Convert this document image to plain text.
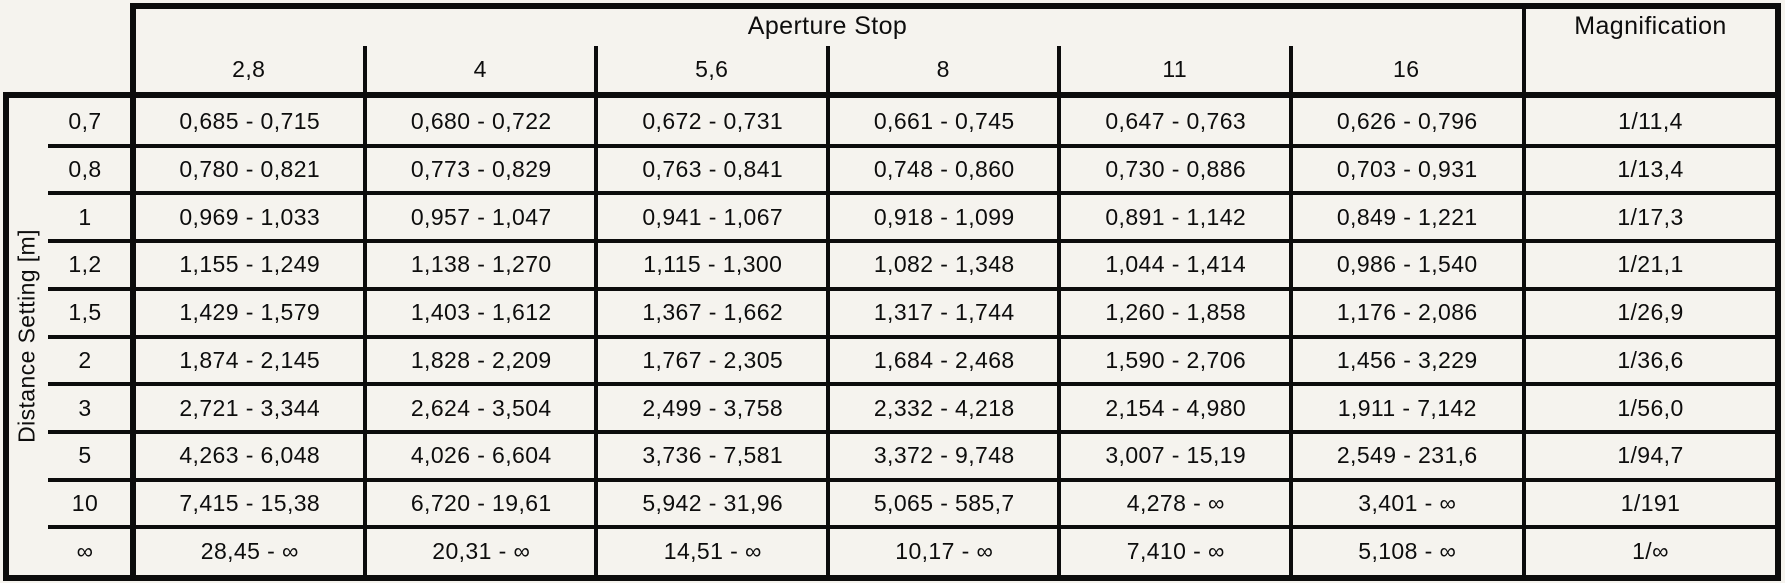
Aperture Stop	Magnification
Distance Setting [m]
2,8	4	5,6	8	11	16
0,7	0,685 - 0,715	0,680 - 0,722	0,672 - 0,731	0,661 - 0,745	0,647 - 0,763	0,626 - 0,796	1/11,4
0,8	0,780 - 0,821	0,773 - 0,829	0,763 - 0,841	0,748 - 0,860	0,730 - 0,886	0,703 - 0,931	1/13,4
1	0,969 - 1,033	0,957 - 1,047	0,941 - 1,067	0,918 - 1,099	0,891 - 1,142	0,849 - 1,221	1/17,3
1,2	1,155 - 1,249	1,138 - 1,270	1,115 - 1,300	1,082 - 1,348	1,044 - 1,414	0,986 - 1,540	1/21,1
1,5	1,429 - 1,579	1,403 - 1,612	1,367 - 1,662	1,317 - 1,744	1,260 - 1,858	1,176 - 2,086	1/26,9
2	1,874 - 2,145	1,828 - 2,209	1,767 - 2,305	1,684 - 2,468	1,590 - 2,706	1,456 - 3,229	1/36,6
3	2,721 - 3,344	2,624 - 3,504	2,499 - 3,758	2,332 - 4,218	2,154 - 4,980	1,911 - 7,142	1/56,0
5	4,263 - 6,048	4,026 - 6,604	3,736 - 7,581	3,372 - 9,748	3,007 - 15,19	2,549 - 231,6	1/94,7
10	7,415 - 15,38	6,720 - 19,61	5,942 - 31,96	5,065 - 585,7	4,278 - ∞	3,401 - ∞	1/191
∞	28,45 - ∞	20,31 - ∞	14,51 - ∞	10,17 - ∞	7,410 - ∞	5,108 - ∞	1/∞
